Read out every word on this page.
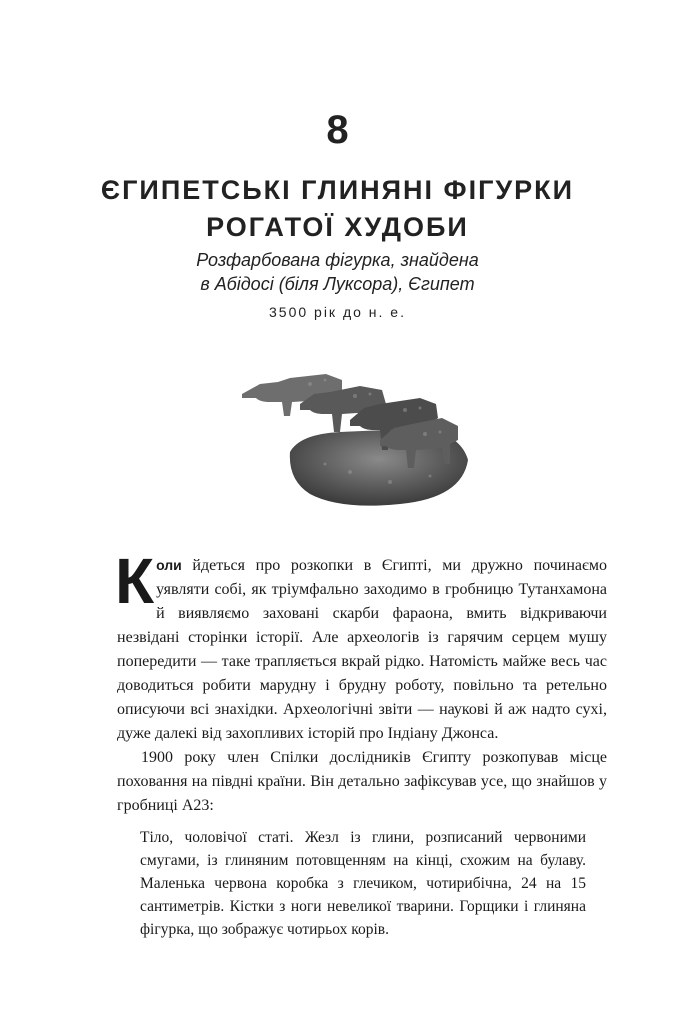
8
ЄГИПЕТСЬКІ ГЛИНЯНІ ФІГУРКИ
РОГАТОЇ ХУДОБИ
Розфарбована фігурка, знайдена
в Абідосі (біля Луксора), Єгипет
3500 рік до н. е.

Коли йдеться про розкопки в Єгипті, ми дружно починаємо уявляти собі, як тріумфально заходимо в гробницю Тутанхамона й виявляємо заховані скарби фараона, вмить відкриваючи незвідані сторінки історії. Але археологів із гарячим серцем мушу попередити — таке трапляється вкрай рідко. Натомість майже весь час доводиться робити марудну і брудну роботу, повільно та ретельно описуючи всі знахідки. Археологічні звіти — наукові й аж надто сухі, дуже далекі від захопливих історій про Індіану Джонса.

1900 року член Спілки дослідників Єгипту розкопував місце поховання на півдні країни. Він детально зафіксував усе, що знайшов у гробниці А23:

Тіло, чоловічої статі. Жезл із глини, розписаний червоними смугами, із глиняним потовщенням на кінці, схожим на булаву. Маленька червона коробка з глечиком, чотирибічна, 24 на 15 сантиметрів. Кістки з ноги невеликої тварини. Горщики і глиняна фігурка, що зображує чотирьох корів.
